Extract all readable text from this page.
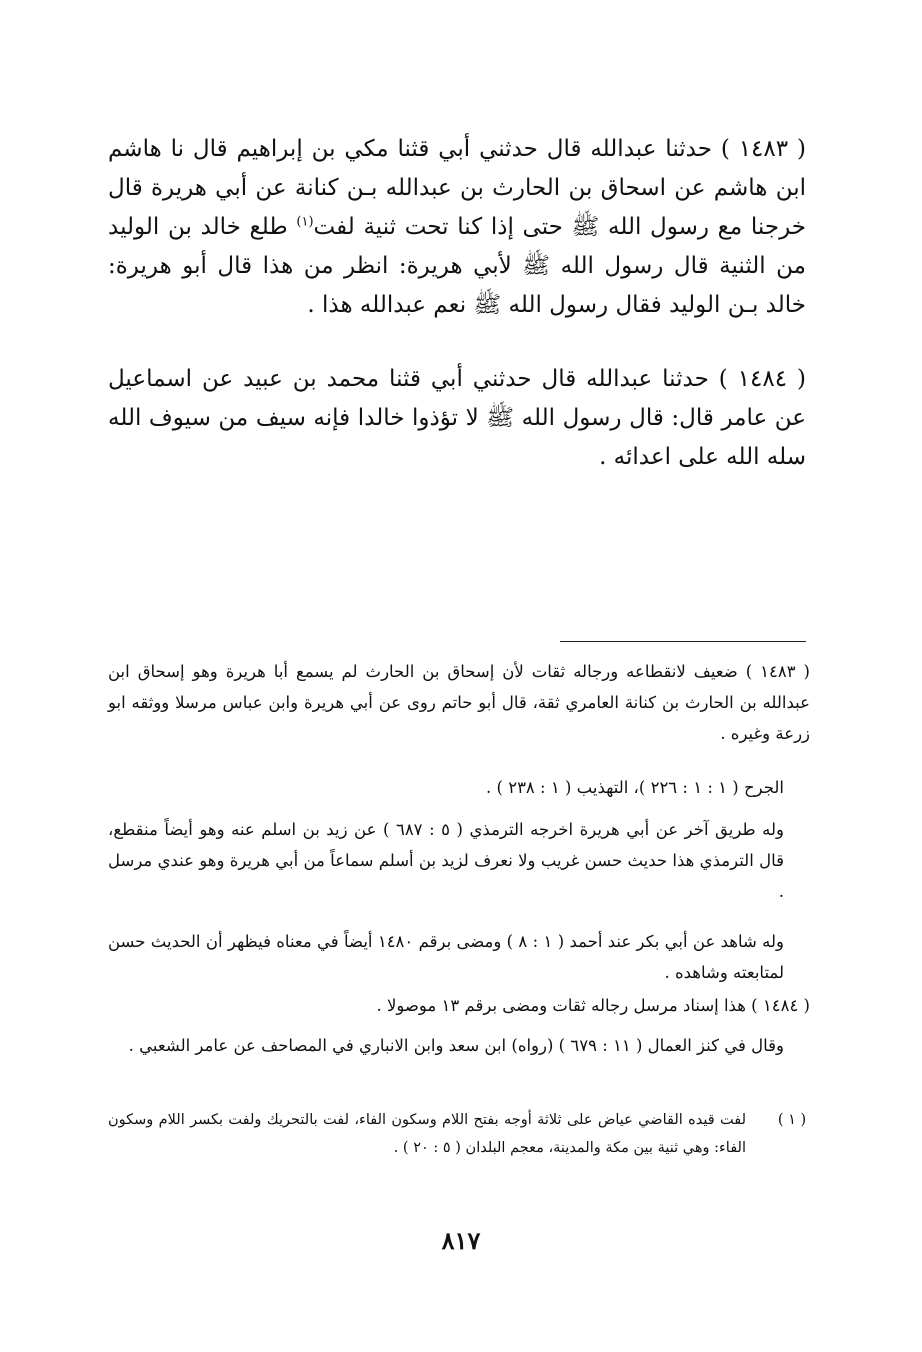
( ١٤٨٣ ) حدثنا عبدالله قال حدثني أبي قثنا مكي بن إبراهيم قال نا هاشم ابن هاشم عن اسحاق بن الحارث بن عبدالله بـن كنانة عن أبي هريرة قال خرجنا مع رسول الله ﷺ حتى إذا كنا تحت ثنية لفت$^{(١)}$ طلع خالد بن الوليد من الثنية قال رسول الله ﷺ لأبي هريرة: انظر من هذا قال أبو هريرة: خالد بـن الوليد فقال رسول الله ﷺ نعم عبدالله هذا .

( ١٤٨٤ ) حدثنا عبدالله قال حدثني أبي قثنا محمد بن عبيد عن اسماعيل عن عامر قال: قال رسول الله ﷺ لا تؤذوا خالدا فإنه سيف من سيوف الله سله الله على اعدائه .

( ١٤٨٣ ) ضعيف لانقطاعه ورجاله ثقات لأن إسحاق بن الحارث لم يسمع أبا هريرة وهو إسحاق ابن عبدالله بن الحارث بن كنانة العامري ثقة، قال أبو حاتم روى عن أبي هريرة وابن عباس مرسلا ووثقه ابو زرعة وغيره .

الجرح ( ١ : ١ : ٢٢٦ )، التهذيب ( ١ : ٢٣٨ ) .

وله طريق آخر عن أبي هريرة اخرجه الترمذي ( ٥ : ٦٨٧ ) عن زيد بن اسلم عنه وهو أيضاً منقطع، قال الترمذي هذا حديث حسن غريب ولا نعرف لزيد بن أسلم سماعاً من أبي هريرة وهو عندي مرسل .

وله شاهد عن أبي بكر عند أحمد ( ١ : ٨ ) ومضى برقم ١٤٨٠ أيضاً في معناه فيظهر أن الحديث حسن لمتابعته وشاهده .

( ١٤٨٤ ) هذا إسناد مرسل رجاله ثقات ومضى برقم ١٣ موصولا .

وقال في كنز العمال ( ١١ : ٦٧٩ ) (رواه) ابن سعد وابن الانباري في المصاحف عن عامر الشعبي .

( ١ )
لفت قيده القاضي عياض على ثلاثة أوجه بفتح اللام وسكون الفاء، لفت بالتحريك ولفت بكسر اللام وسكون الفاء: وهي ثنية بين مكة والمدينة، معجم البلدان ( ٥ : ٢٠ ) .
٨١٧
